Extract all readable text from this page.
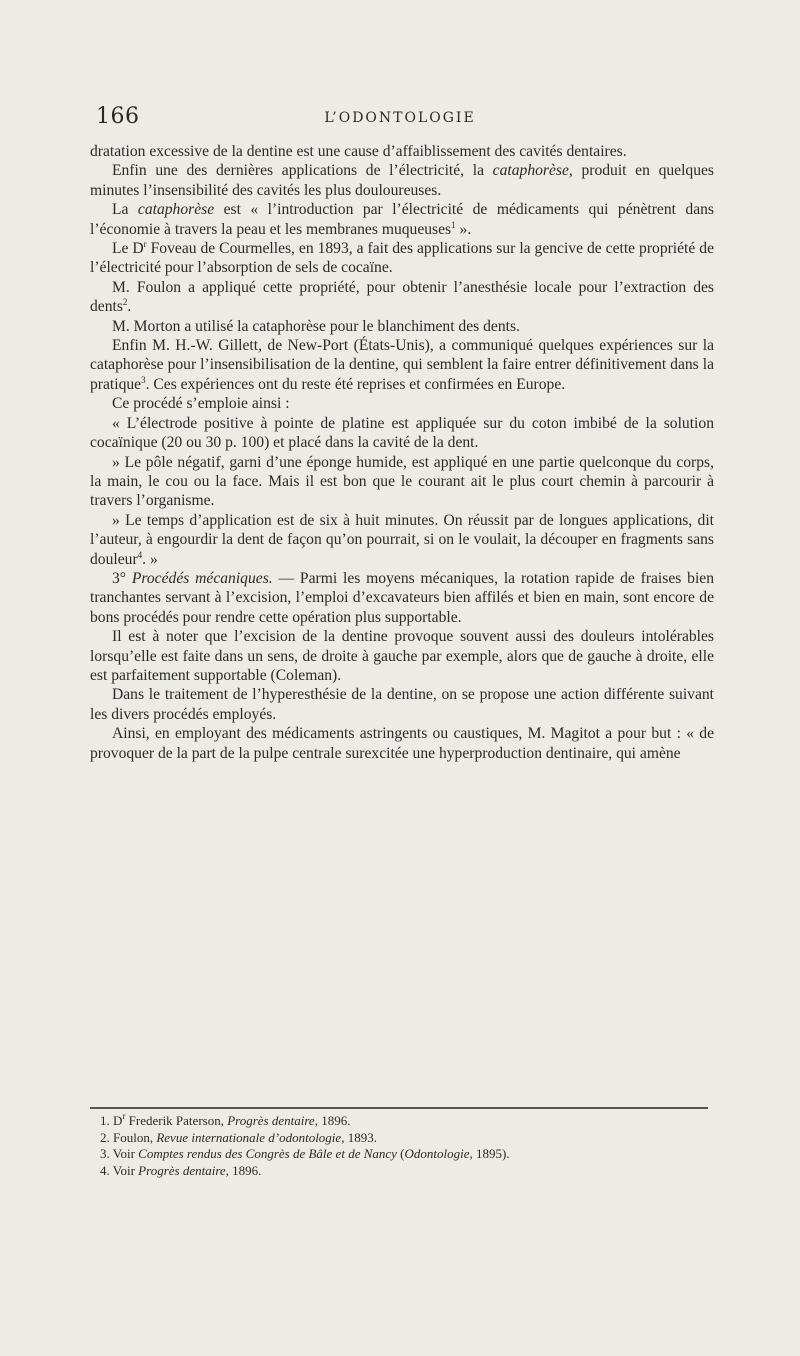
166	L’ODONTOLOGIE

dratation excessive de la dentine est une cause d’affaiblissement des cavités dentaires.

Enfin une des dernières applications de l’électricité, la cataphorèse, produit en quelques minutes l’insensibilité des cavités les plus douloureuses.

La cataphorèse est « l’introduction par l’électricité de médicaments qui pénètrent dans l’économie à travers la peau et les membranes muqueuses$^1$ ».

Le $D^r$ Foveau de Courmelles, en 1893, a fait des applications sur la gencive de cette propriété de l’électricité pour l’absorption de sels de cocaïne.

M. Foulon a appliqué cette propriété, pour obtenir l’anesthésie locale pour l’extraction des dents$^2$.

M. Morton a utilisé la cataphorèse pour le blanchiment des dents.

Enfin M. H.-W. Gillett, de New-Port (États-Unis), a communiqué quelques expériences sur la cataphorèse pour l’insensibilisation de la dentine, qui semblent la faire entrer définitivement dans la pratique$^3$. Ces expériences ont du reste été reprises et confirmées en Europe.

Ce procédé s’emploie ainsi :

« L’électrode positive à pointe de platine est appliquée sur du coton imbibé de la solution cocaïnique (20 ou 30 p. 100) et placé dans la cavité de la dent.

» Le pôle négatif, garni d’une éponge humide, est appliqué en une partie quelconque du corps, la main, le cou ou la face. Mais il est bon que le courant ait le plus court chemin à parcourir à travers l’organisme.

» Le temps d’application est de six à huit minutes. On réussit par de longues applications, dit l’auteur, à engourdir la dent de façon qu’on pourrait, si on le voulait, la découper en fragments sans douleur$^4$. »

3° Procédés mécaniques. — Parmi les moyens mécaniques, la rotation rapide de fraises bien tranchantes servant à l’excision, l’emploi d’excavateurs bien affilés et bien en main, sont encore de bons procédés pour rendre cette opération plus supportable.

Il est à noter que l’excision de la dentine provoque souvent aussi des douleurs intolérables lorsqu’elle est faite dans un sens, de droite à gauche par exemple, alors que de gauche à droite, elle est parfaitement supportable (Coleman).

Dans le traitement de l’hyperesthésie de la dentine, on se propose une action différente suivant les divers procédés employés.

Ainsi, en employant des médicaments astringents ou caustiques, M. Magitot a pour but : « de provoquer de la part de la pulpe centrale surexcitée une hyperproduction dentinaire, qui amène

1. $D^r$ Frederik Paterson, Progrès dentaire, 1896.
2. Foulon, Revue internationale d’odontologie, 1893.
3. Voir Comptes rendus des Congrès de Bâle et de Nancy (Odontologie, 1895).
4. Voir Progrès dentaire, 1896.
